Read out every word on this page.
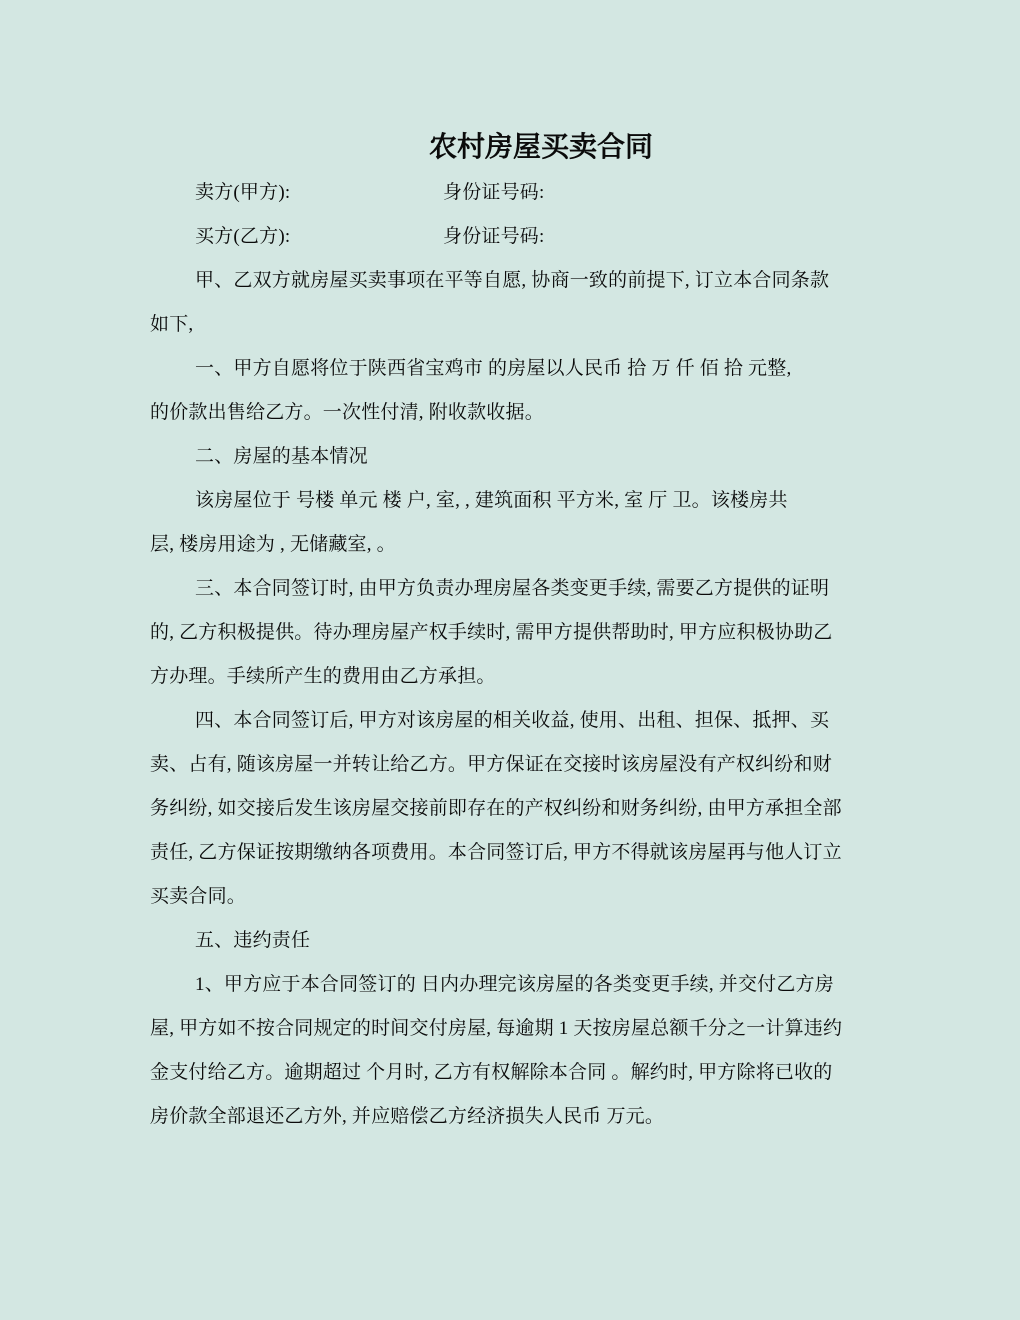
农村房屋买卖合同
卖方(甲方):	身份证号码:
买方(乙方):	身份证号码:
甲、乙双方就房屋买卖事项在平等自愿, 协商一致的前提下, 订立本合同条款
如下,
一、甲方自愿将位于陕西省宝鸡市 的房屋以人民币 拾 万 仟 佰 拾 元整,
的价款出售给乙方。一次性付清, 附收款收据。
二、房屋的基本情况
该房屋位于 号楼 单元 楼 户, 室, , 建筑面积 平方米, 室 厅 卫。该楼房共
层, 楼房用途为 , 无储藏室, 。
三、本合同签订时, 由甲方负责办理房屋各类变更手续, 需要乙方提供的证明
的, 乙方积极提供。待办理房屋产权手续时, 需甲方提供帮助时, 甲方应积极协助乙
方办理。手续所产生的费用由乙方承担。
四、本合同签订后, 甲方对该房屋的相关收益, 使用、出租、担保、抵押、买
卖、占有, 随该房屋一并转让给乙方。甲方保证在交接时该房屋没有产权纠纷和财
务纠纷, 如交接后发生该房屋交接前即存在的产权纠纷和财务纠纷, 由甲方承担全部
责任, 乙方保证按期缴纳各项费用。本合同签订后, 甲方不得就该房屋再与他人订立
买卖合同。
五、违约责任
1、甲方应于本合同签订的 日内办理完该房屋的各类变更手续, 并交付乙方房
屋, 甲方如不按合同规定的时间交付房屋, 每逾期 1 天按房屋总额千分之一计算违约
金支付给乙方。逾期超过 个月时, 乙方有权解除本合同 。解约时, 甲方除将已收的
房价款全部退还乙方外, 并应赔偿乙方经济损失人民币 万元。
